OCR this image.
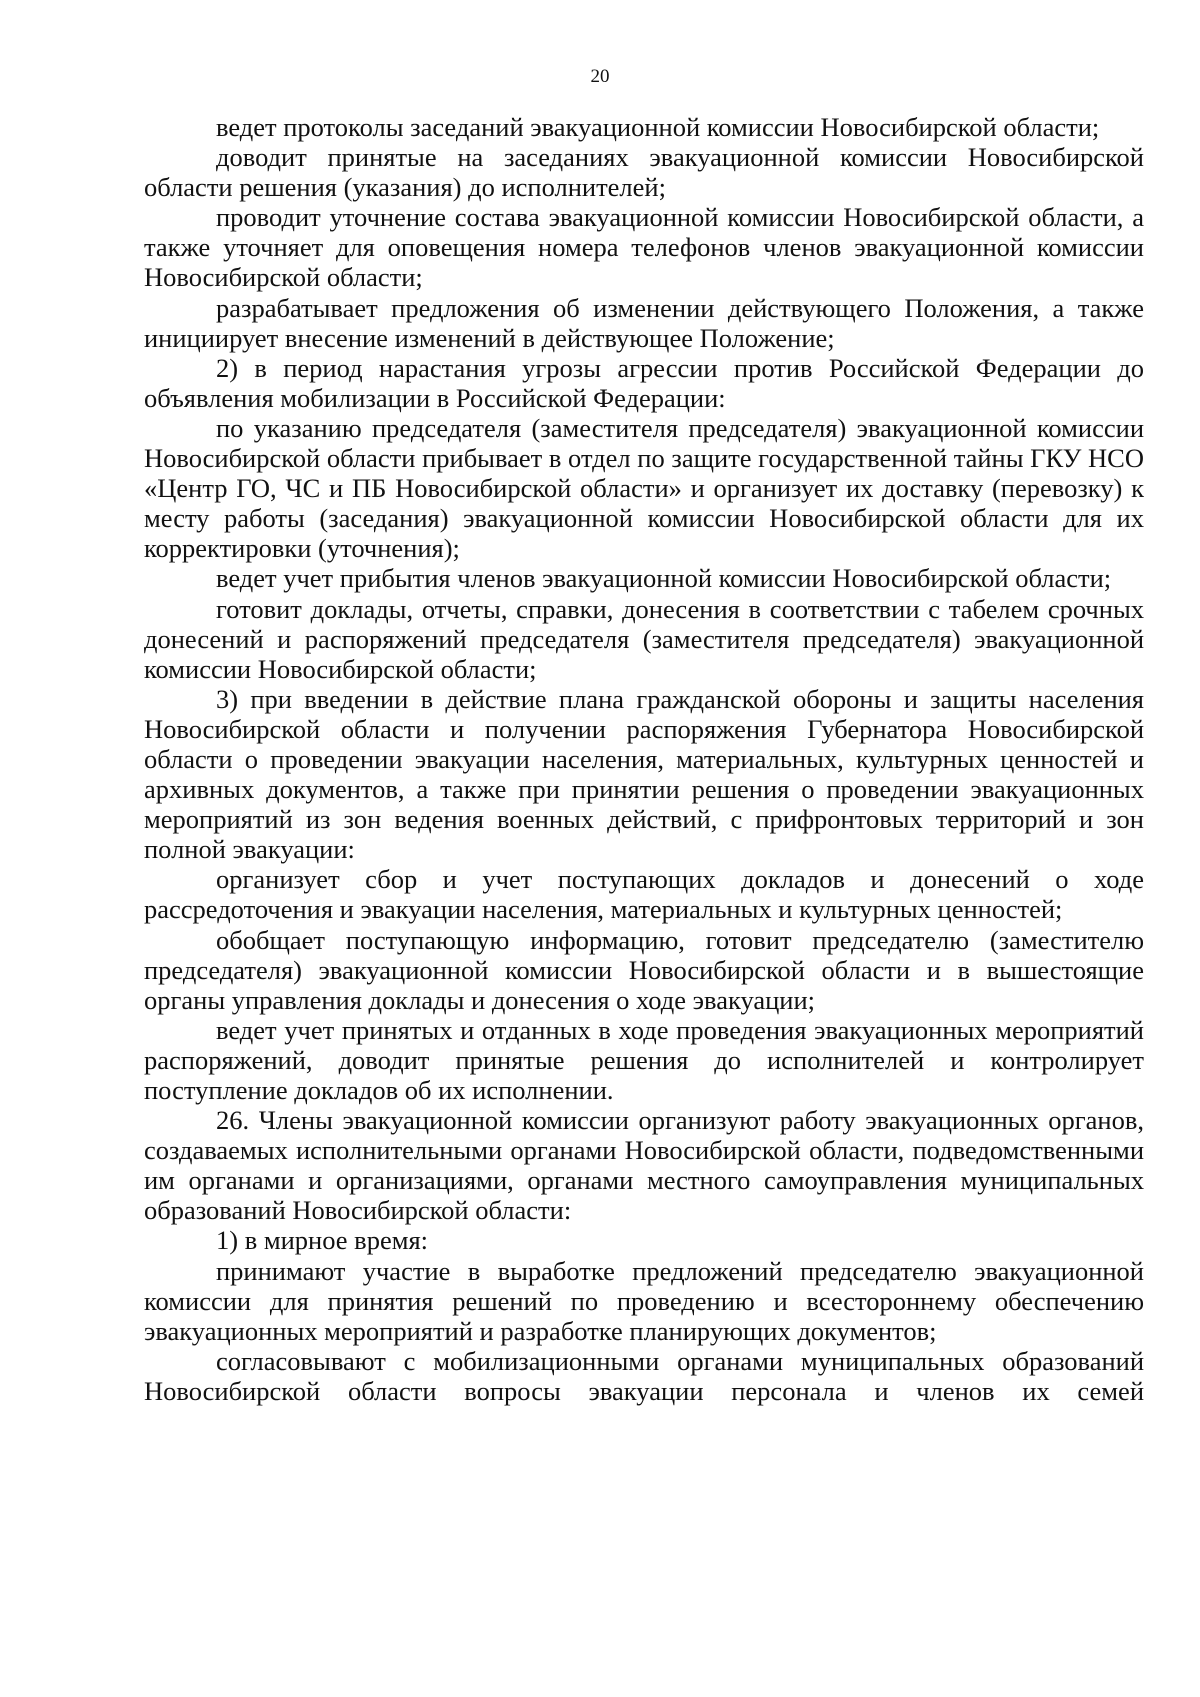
20

ведет протоколы заседаний эвакуационной комиссии Новосибирской области;

доводит принятые на заседаниях эвакуационной комиссии Новосибирской области решения (указания) до исполнителей;

проводит уточнение состава эвакуационной комиссии Новосибирской области, а также уточняет для оповещения номера телефонов членов эвакуационной комиссии Новосибирской области;

разрабатывает предложения об изменении действующего Положения, а также инициирует внесение изменений в действующее Положение;

2) в период нарастания угрозы агрессии против Российской Федерации до объявления мобилизации в Российской Федерации:

по указанию председателя (заместителя председателя) эвакуационной комиссии Новосибирской области прибывает в отдел по защите государственной тайны ГКУ НСО «Центр ГО, ЧС и ПБ Новосибирской области» и организует их доставку (перевозку) к месту работы (заседания) эвакуационной комиссии Новосибирской области для их корректировки (уточнения);

ведет учет прибытия членов эвакуационной комиссии Новосибирской области;

готовит доклады, отчеты, справки, донесения в соответствии с табелем срочных донесений и распоряжений председателя (заместителя председателя) эвакуационной комиссии Новосибирской области;

3) при введении в действие плана гражданской обороны и защиты населения Новосибирской области и получении распоряжения Губернатора Новосибирской области о проведении эвакуации населения, материальных, культурных ценностей и архивных документов, а также при принятии решения о проведении эвакуационных мероприятий из зон ведения военных действий, с прифронтовых территорий и зон полной эвакуации:

организует сбор и учет поступающих докладов и донесений о ходе рассредоточения и эвакуации населения, материальных и культурных ценностей;

обобщает поступающую информацию, готовит председателю (заместителю председателя) эвакуационной комиссии Новосибирской области и в вышестоящие органы управления доклады и донесения о ходе эвакуации;

ведет учет принятых и отданных в ходе проведения эвакуационных мероприятий распоряжений, доводит принятые решения до исполнителей и контролирует поступление докладов об их исполнении.

26. Члены эвакуационной комиссии организуют работу эвакуационных органов, создаваемых исполнительными органами Новосибирской области, подведомственными им органами и организациями, органами местного самоуправления муниципальных образований Новосибирской области:

1) в мирное время:

принимают участие в выработке предложений председателю эвакуационной комиссии для принятия решений по проведению и всестороннему обеспечению эвакуационных мероприятий и разработке планирующих документов;

согласовывают с мобилизационными органами муниципальных образований Новосибирской области вопросы эвакуации персонала и членов их семей
